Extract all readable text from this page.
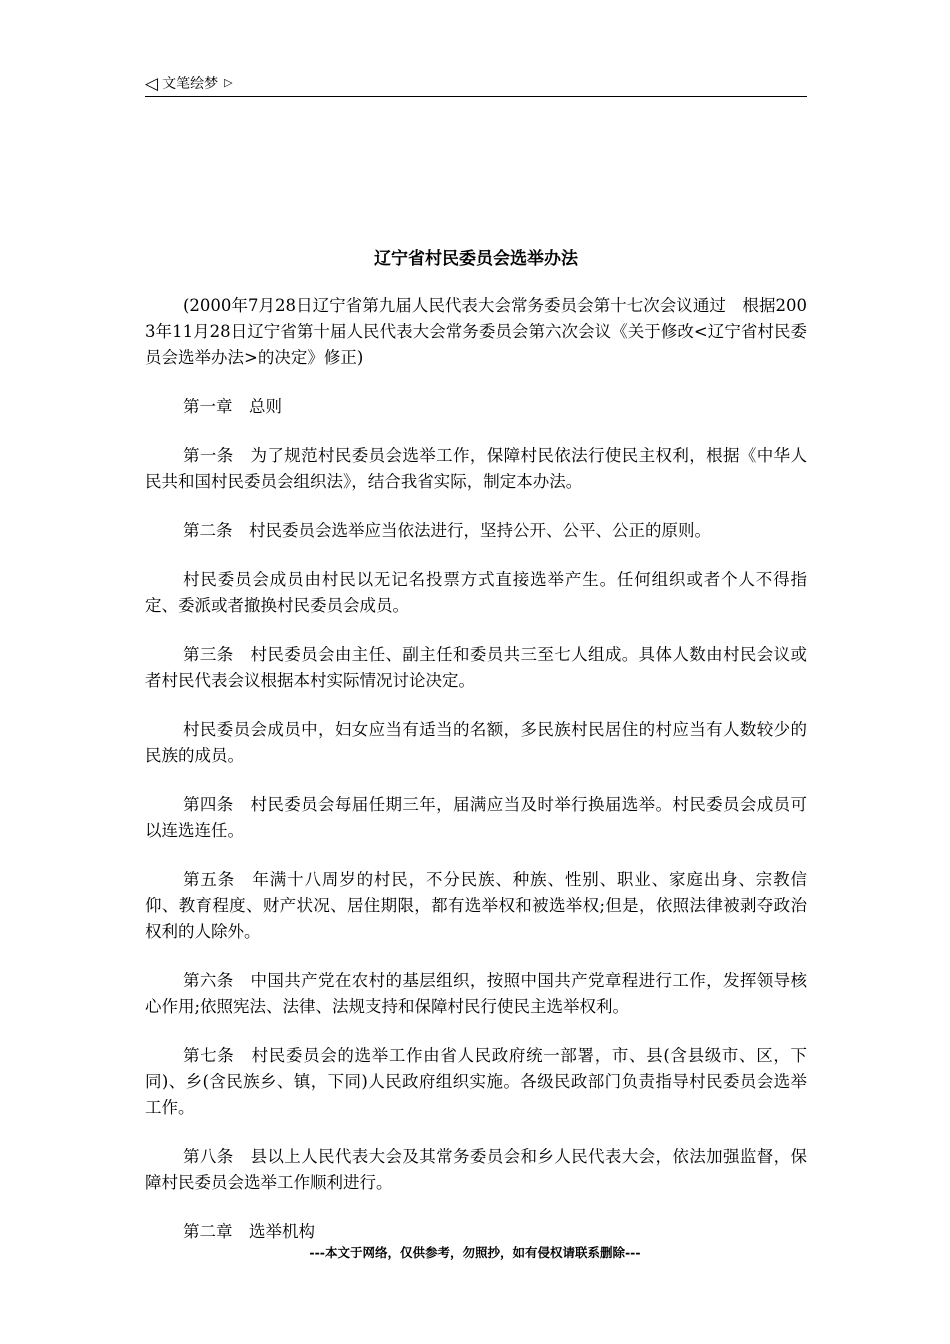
◁ 文笔绘梦 ▷
辽宁省村民委员会选举办法

(2000年7月28日辽宁省第九届人民代表大会常务委员会第十七次会议通过　根据2003年11月28日辽宁省第十届人民代表大会常务委员会第六次会议《关于修改<辽宁省村民委员会选举办法>的决定》修正)

第一章　总则

第一条　为了规范村民委员会选举工作，保障村民依法行使民主权利，根据《中华人民共和国村民委员会组织法》，结合我省实际，制定本办法。

第二条　村民委员会选举应当依法进行，坚持公开、公平、公正的原则。

村民委员会成员由村民以无记名投票方式直接选举产生。任何组织或者个人不得指定、委派或者撤换村民委员会成员。

第三条　村民委员会由主任、副主任和委员共三至七人组成。具体人数由村民会议或者村民代表会议根据本村实际情况讨论决定。

村民委员会成员中，妇女应当有适当的名额，多民族村民居住的村应当有人数较少的民族的成员。

第四条　村民委员会每届任期三年，届满应当及时举行换届选举。村民委员会成员可以连选连任。

第五条　年满十八周岁的村民，不分民族、种族、性别、职业、家庭出身、宗教信仰、教育程度、财产状况、居住期限，都有选举权和被选举权;但是，依照法律被剥夺政治权利的人除外。

第六条　中国共产党在农村的基层组织，按照中国共产党章程进行工作，发挥领导核心作用;依照宪法、法律、法规支持和保障村民行使民主选举权利。

第七条　村民委员会的选举工作由省人民政府统一部署，市、县(含县级市、区，下同)、乡(含民族乡、镇，下同)人民政府组织实施。各级民政部门负责指导村民委员会选举工作。

第八条　县以上人民代表大会及其常务委员会和乡人民代表大会，依法加强监督，保障村民委员会选举工作顺利进行。

第二章　选举机构

---本文于网络，仅供参考，勿照抄，如有侵权请联系删除---
